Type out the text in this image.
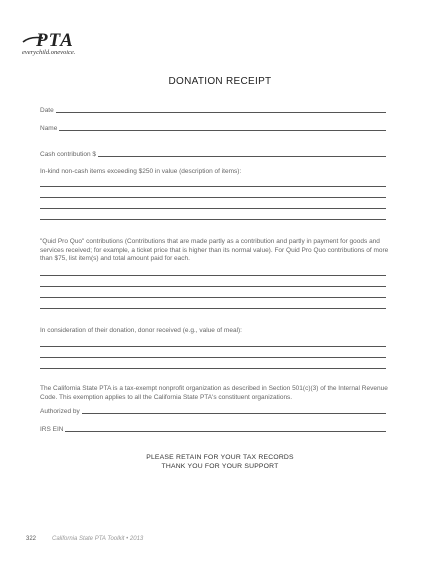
PTA
everychild.onevoice.
DONATION RECEIPT
Date
Name
Cash contribution $
In-kind non-cash items exceeding $250 in value (description of items):
"Quid Pro Quo" contributions (Contributions that are made partly as a contribution and partly in payment for goods and services received; for example, a ticket price that is higher than its normal value). For Quid Pro Quo contributions of more than $75, list item(s) and total amount paid for each.
In consideration of their donation, donor received (e.g., value of meal):
The California State PTA is a tax-exempt nonprofit organization as described in Section 501(c)(3) of the Internal Revenue Code. This exemption applies to all the California State PTA's constituent organizations.
Authorized by
IRS EIN
PLEASE RETAIN FOR YOUR TAX RECORDS
THANK YOU FOR YOUR SUPPORT
322	California State PTA Toolkit • 2013
